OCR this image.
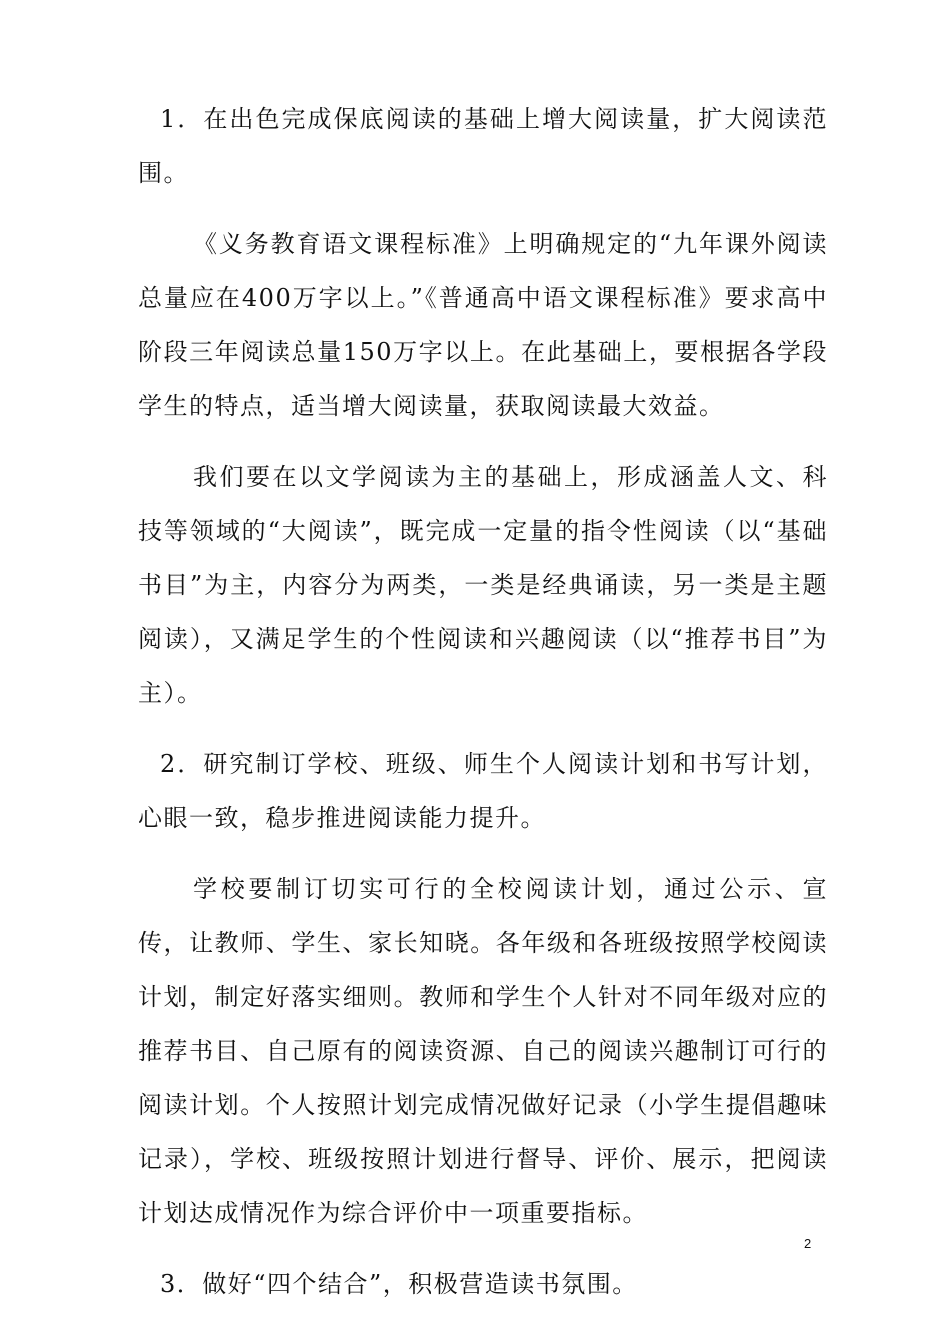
1．在出色完成保底阅读的基础上增大阅读量，扩大阅读范围。

《义务教育语文课程标准》上明确规定的“九年课外阅读总量应在400万字以上。”《普通高中语文课程标准》要求高中阶段三年阅读总量150万字以上。在此基础上，要根据各学段学生的特点，适当增大阅读量，获取阅读最大效益。

我们要在以文学阅读为主的基础上，形成涵盖人文、科技等领域的“大阅读”，既完成一定量的指令性阅读（以“基础书目”为主，内容分为两类，一类是经典诵读，另一类是主题阅读），又满足学生的个性阅读和兴趣阅读（以“推荐书目”为主）。

2．研究制订学校、班级、师生个人阅读计划和书写计划，心眼一致，稳步推进阅读能力提升。

学校要制订切实可行的全校阅读计划，通过公示、宣传，让教师、学生、家长知晓。各年级和各班级按照学校阅读计划，制定好落实细则。教师和学生个人针对不同年级对应的推荐书目、自己原有的阅读资源、自己的阅读兴趣制订可行的阅读计划。个人按照计划完成情况做好记录（小学生提倡趣味记录），学校、班级按照计划进行督导、评价、展示，把阅读计划达成情况作为综合评价中一项重要指标。

3．做好“四个结合”，积极营造读书氛围。

2
